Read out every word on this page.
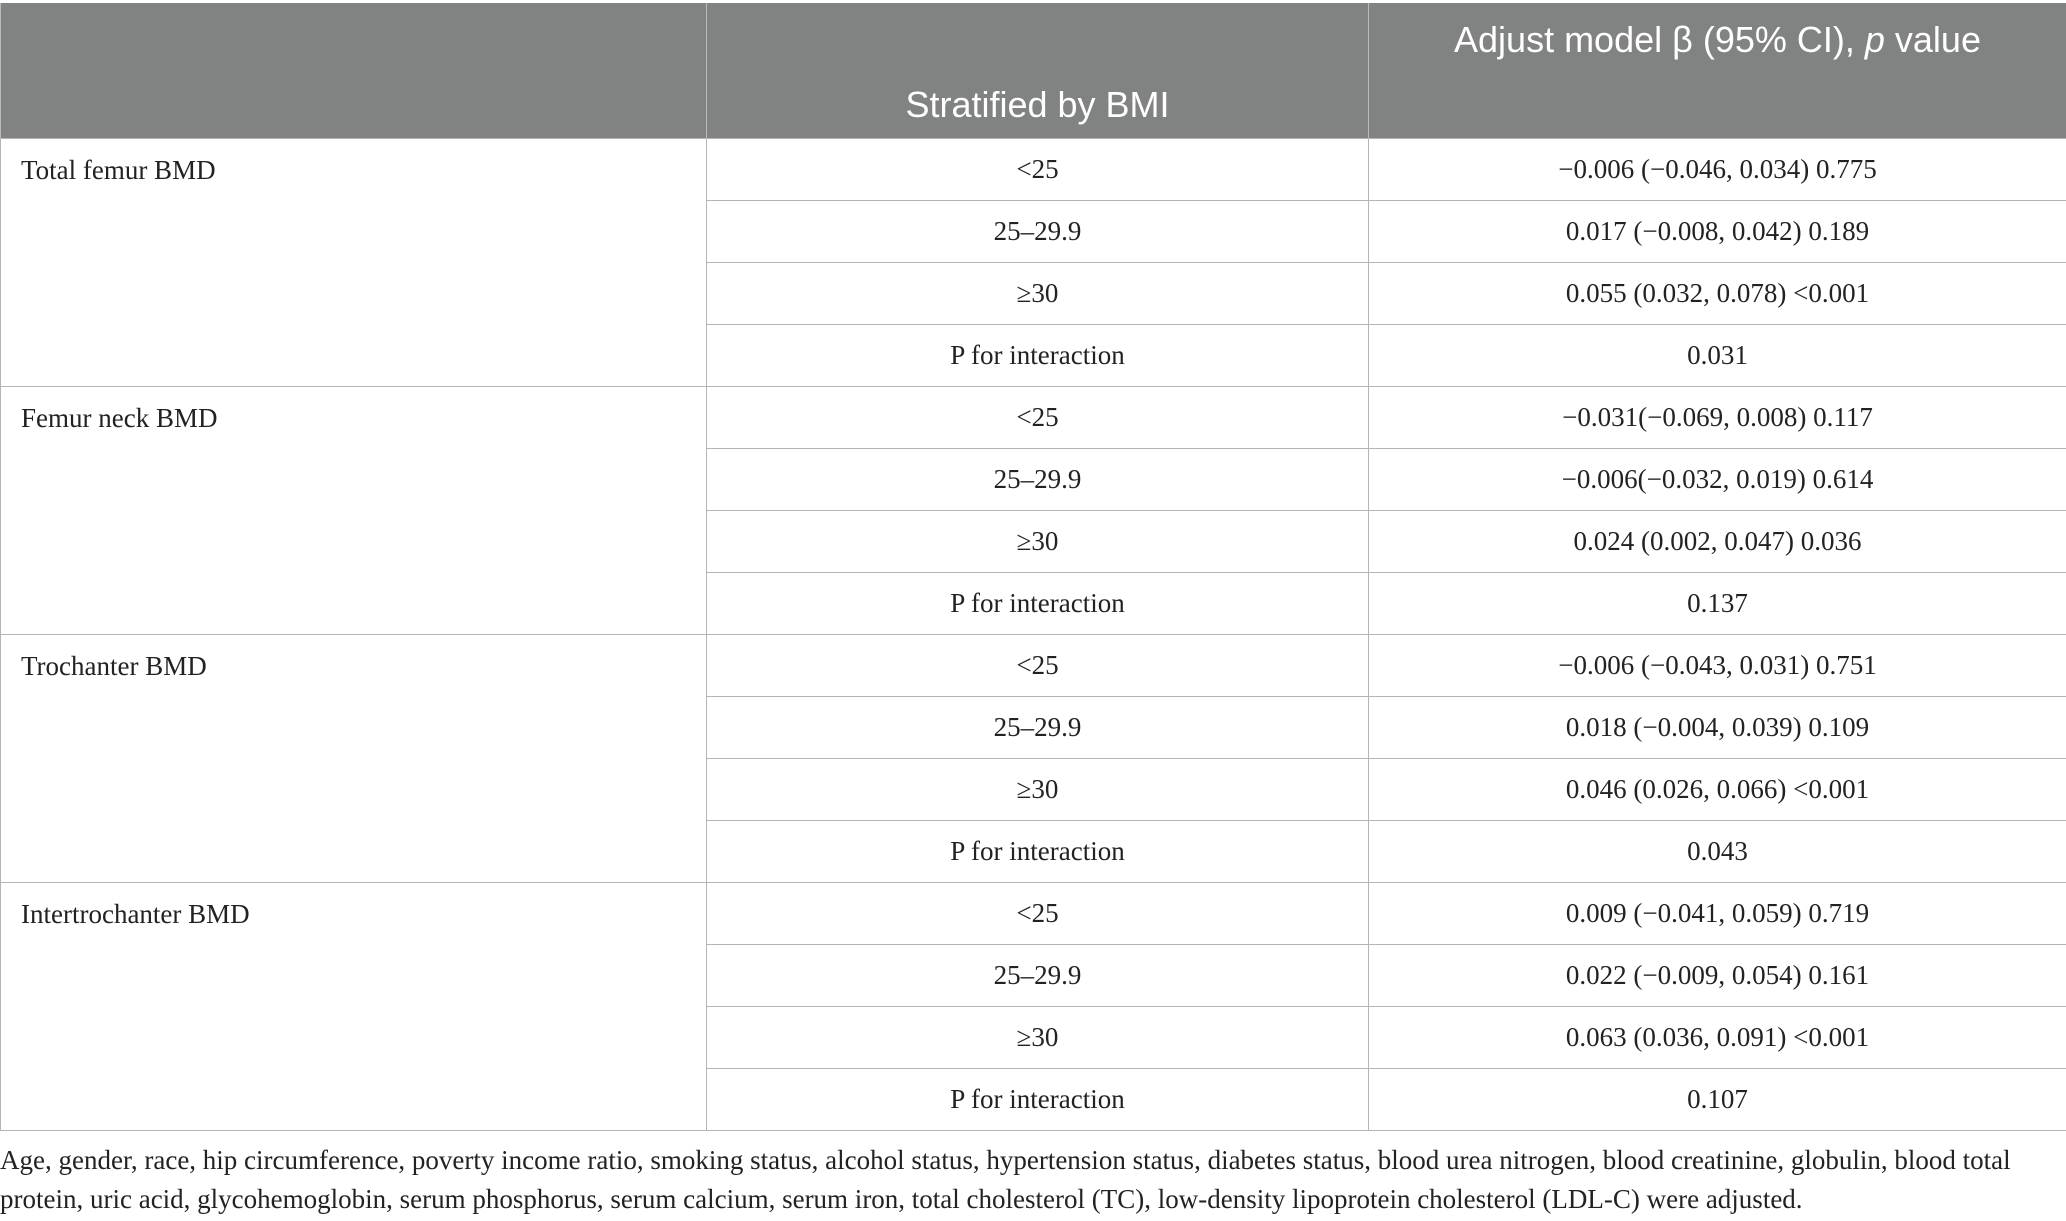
	Stratified by BMI	Adjust model β (95% CI), p value

Total femur BMD	<25	−0.006 (−0.046, 0.034) 0.775
	25–29.9	0.017 (−0.008, 0.042) 0.189
	≥30	0.055 (0.032, 0.078) <0.001
	P for interaction	0.031
Femur neck BMD	<25	−0.031(−0.069, 0.008) 0.117
	25–29.9	−0.006(−0.032, 0.019) 0.614
	≥30	0.024 (0.002, 0.047) 0.036
	P for interaction	0.137
Trochanter BMD	<25	−0.006 (−0.043, 0.031) 0.751
	25–29.9	0.018 (−0.004, 0.039) 0.109
	≥30	0.046 (0.026, 0.066) <0.001
	P for interaction	0.043
Intertrochanter BMD	<25	0.009 (−0.041, 0.059) 0.719
	25–29.9	0.022 (−0.009, 0.054) 0.161
	≥30	0.063 (0.036, 0.091) <0.001
	P for interaction	0.107
Age, gender, race, hip circumference, poverty income ratio, smoking status, alcohol status, hypertension status, diabetes status, blood urea nitrogen, blood creatinine, globulin, blood total protein, uric acid, glycohemoglobin, serum phosphorus, serum calcium, serum iron, total cholesterol (TC), low-density lipoprotein cholesterol (LDL-C) were adjusted.
